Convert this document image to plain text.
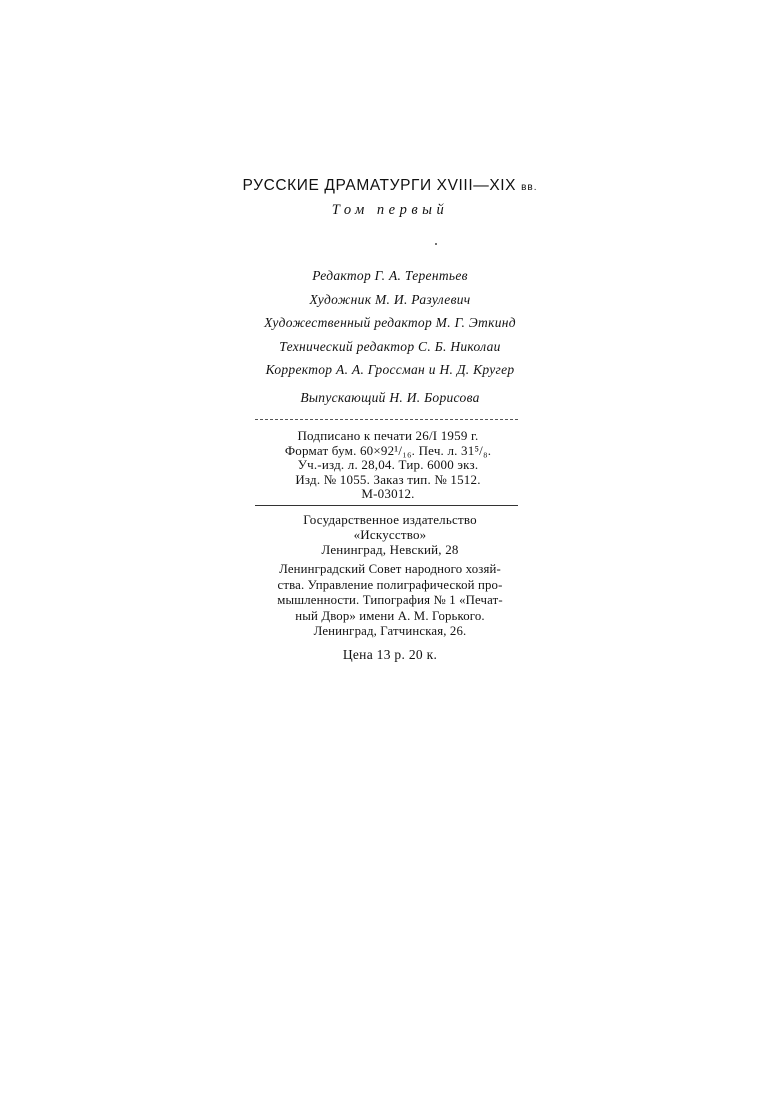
РУССКИЕ ДРАМАТУРГИ XVIII—XIX вв.
Том первый
Редактор Г. А. Терентьев
Художник М. И. Разулевич
Художественный редактор М. Г. Эткинд
Технический редактор С. Б. Николаи
Корректор А. А. Гроссман и Н. Д. Кругер
Выпускающий Н. И. Борисова
Подписано к печати 26/I 1959 г.
Формат бум. 60×92¹/₁₆. Печ. л. 31⁵/₈.
Уч.-изд. л. 28,04. Тир. 6000 экз.
Изд. № 1055. Заказ тип. № 1512.
М-03012.
Государственное издательство
«Искусство»
Ленинград, Невский, 28
Ленинградский Совет народного хозяй-
ства. Управление полиграфической про-
мышленности. Типография № 1 «Печат-
ный Двор» имени А. М. Горького.
Ленинград, Гатчинская, 26.
Цена 13 р. 20 к.
